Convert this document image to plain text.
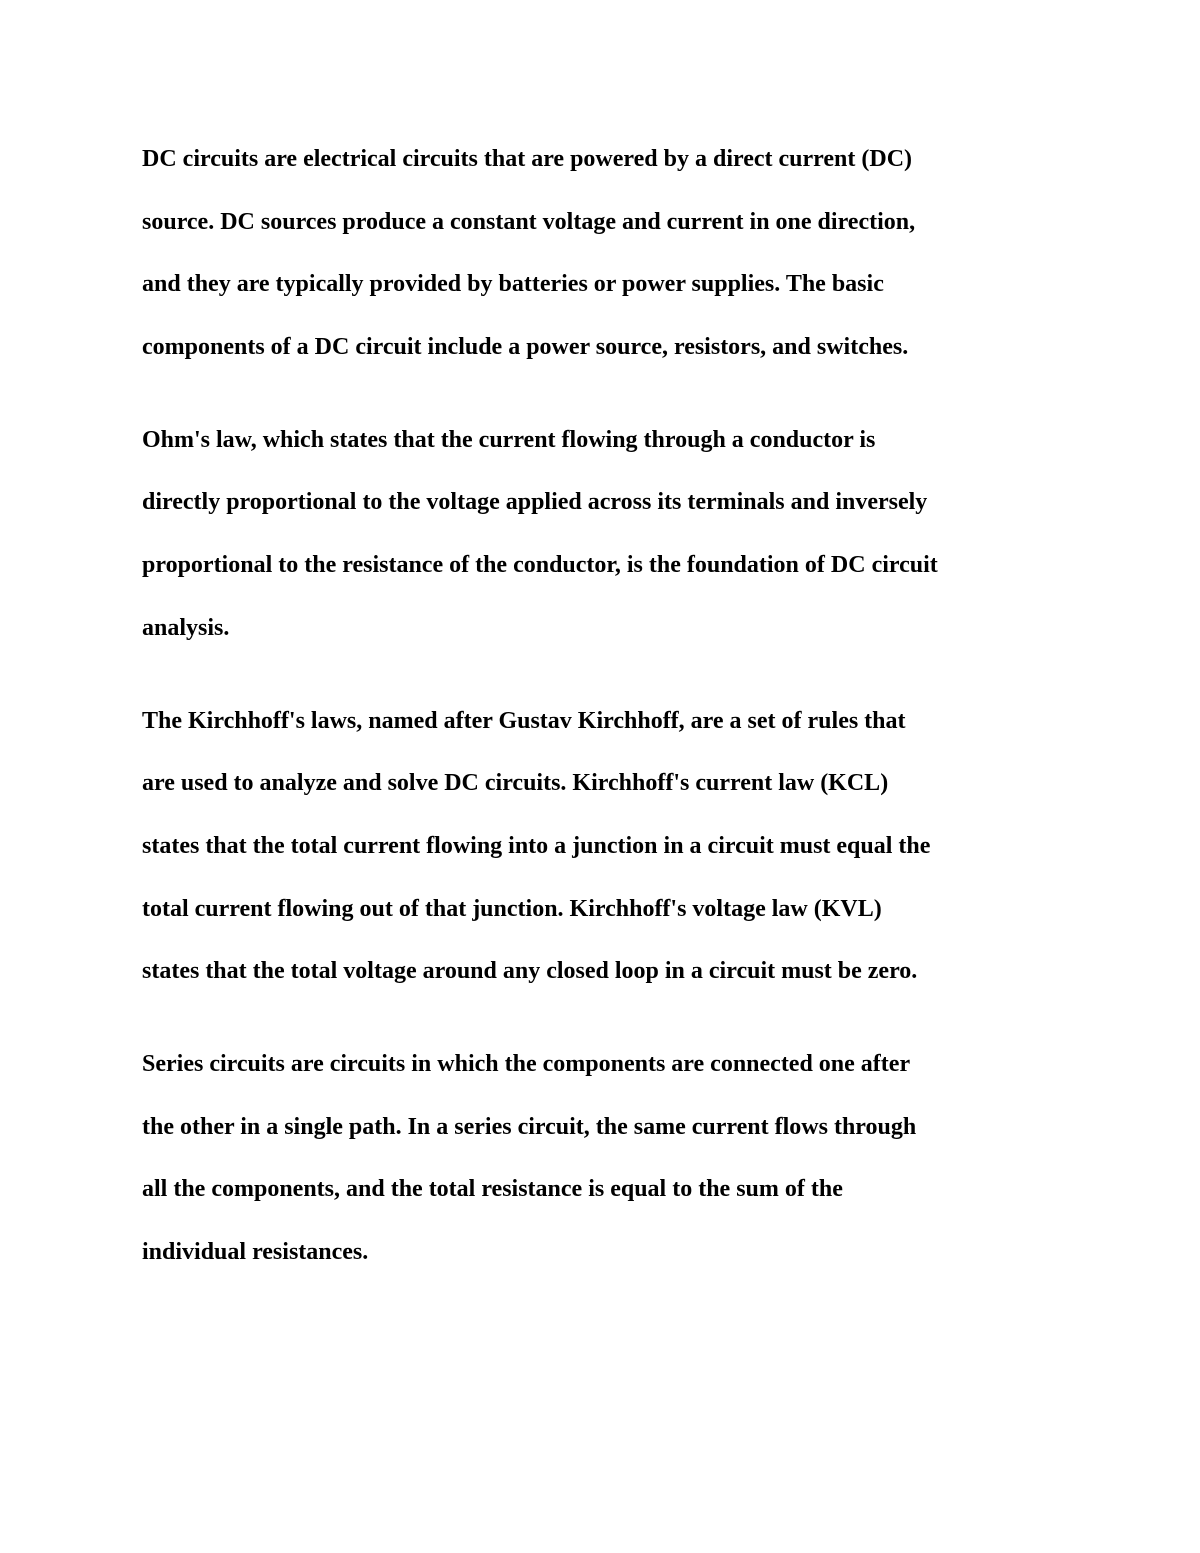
DC circuits are electrical circuits that are powered by a direct current (DC)
source. DC sources produce a constant voltage and current in one direction,
and they are typically provided by batteries or power supplies. The basic
components of a DC circuit include a power source, resistors, and switches.

Ohm's law, which states that the current flowing through a conductor is
directly proportional to the voltage applied across its terminals and inversely
proportional to the resistance of the conductor, is the foundation of DC circuit
analysis.

The Kirchhoff's laws, named after Gustav Kirchhoff, are a set of rules that
are used to analyze and solve DC circuits. Kirchhoff's current law (KCL)
states that the total current flowing into a junction in a circuit must equal the
total current flowing out of that junction. Kirchhoff's voltage law (KVL)
states that the total voltage around any closed loop in a circuit must be zero.

Series circuits are circuits in which the components are connected one after
the other in a single path. In a series circuit, the same current flows through
all the components, and the total resistance is equal to the sum of the
individual resistances.
